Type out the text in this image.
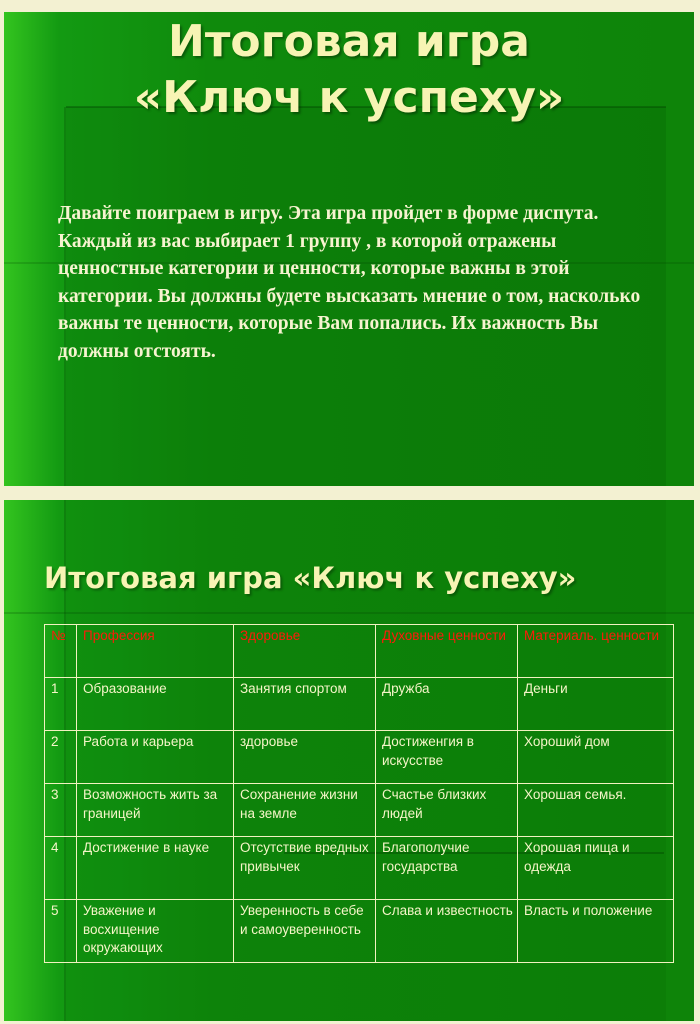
Итоговая игра
«Ключ к успеху»
Давайте поиграем в игру. Эта игра пройдет в форме диспута. Каждый из вас выбирает 1 группу , в которой отражены ценностные категории и ценности, которые важны в этой категории. Вы должны будете высказать мнение о том, насколько важны те ценности, которые Вам попались. Их важность Вы должны отстоять.
Итоговая игра «Ключ к успеху»
№	Профессия	Здоровье	Духовные ценности	Материаль. ценности
1	Образование	Занятия спортом	Дружба	Деньги
2	Работа и карьера	здоровье	Достиженгия в искусстве	Хороший дом
3	Возможность жить за границей	Сохранение жизни на земле	Счастье близких людей	Хорошая семья.
4	Достижение в науке	Отсутствие вредных привычек	Благополучие государства	Хорошая пища и одежда
5	Уважение и восхищение окружающих	Уверенность в себе и самоуверенность	Слава и известность	Власть и положение
